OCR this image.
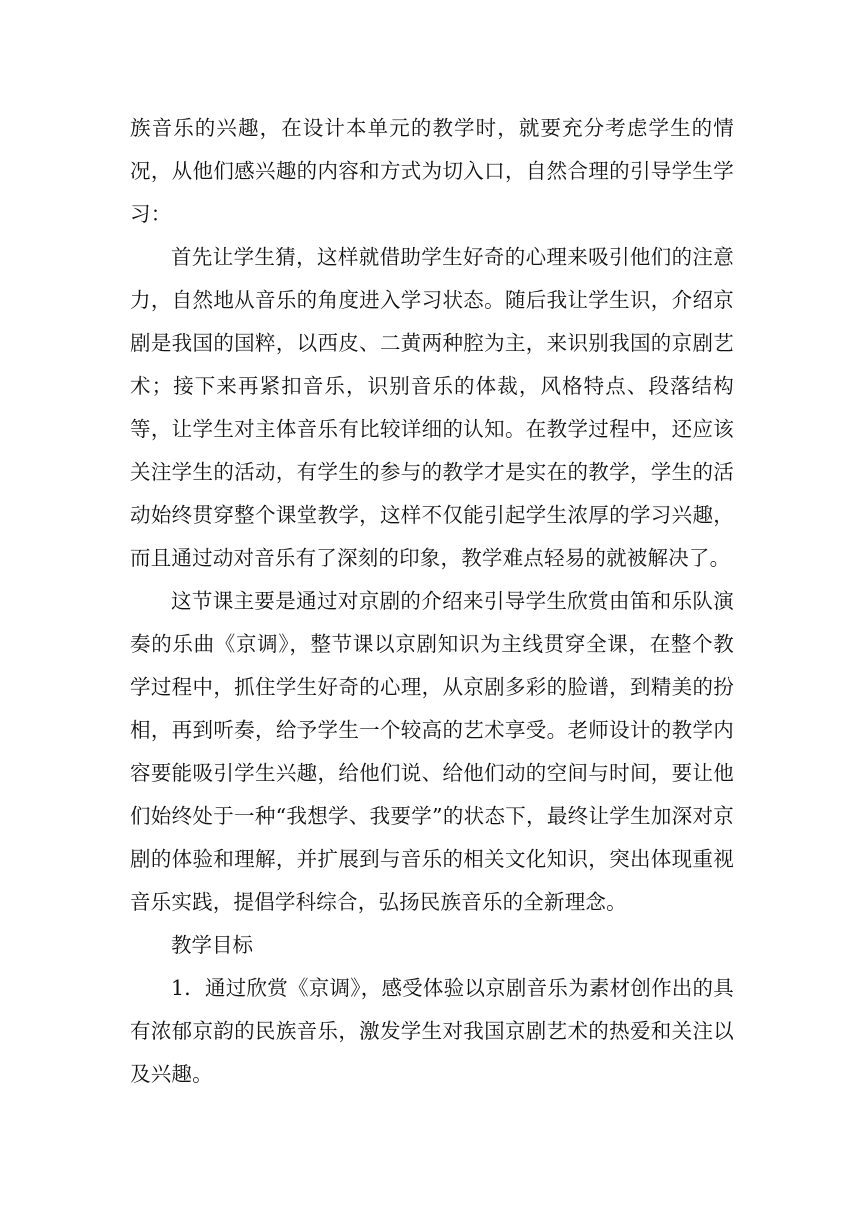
族音乐的兴趣，在设计本单元的教学时，就要充分考虑学生的情况，从他们感兴趣的内容和方式为切入口，自然合理的引导学生学习：

首先让学生猜，这样就借助学生好奇的心理来吸引他们的注意力，自然地从音乐的角度进入学习状态。随后我让学生识，介绍京剧是我国的国粹，以西皮、二黄两种腔为主，来识别我国的京剧艺术；接下来再紧扣音乐，识别音乐的体裁，风格特点、段落结构等，让学生对主体音乐有比较详细的认知。在教学过程中，还应该关注学生的活动，有学生的参与的教学才是实在的教学，学生的活动始终贯穿整个课堂教学，这样不仅能引起学生浓厚的学习兴趣，而且通过动对音乐有了深刻的印象，教学难点轻易的就被解决了。

这节课主要是通过对京剧的介绍来引导学生欣赏由笛和乐队演奏的乐曲《京调》，整节课以京剧知识为主线贯穿全课，在整个教学过程中，抓住学生好奇的心理，从京剧多彩的脸谱，到精美的扮相，再到听奏，给予学生一个较高的艺术享受。老师设计的教学内容要能吸引学生兴趣，给他们说、给他们动的空间与时间，要让他们始终处于一种“我想学、我要学”的状态下，最终让学生加深对京剧的体验和理解，并扩展到与音乐的相关文化知识，突出体现重视音乐实践，提倡学科综合，弘扬民族音乐的全新理念。

教学目标

1．通过欣赏《京调》，感受体验以京剧音乐为素材创作出的具有浓郁京韵的民族音乐，激发学生对我国京剧艺术的热爱和关注以及兴趣。
